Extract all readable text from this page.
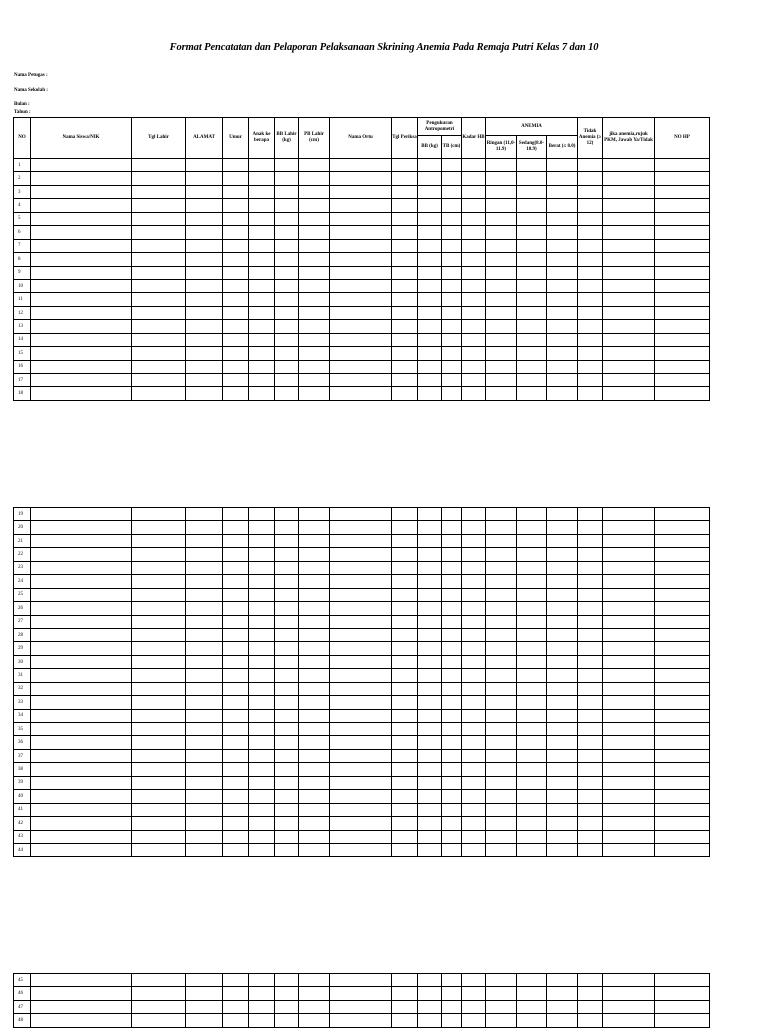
Format Pencatatan dan Pelaporan Pelaksanaan Skrining Anemia Pada Remaja Putri Kelas 7 dan 10
Nama Petugas :
Nama Sekolah :
Bulan :
Tahun :
NO	Nama Siswa/NIK	Tgl Lahir	ALAMAT	Umur	Anak ke berapa	BB Lahir (kg)	PB Lahir (cm)	Nama Ortu	Tgl Periksa	Pengukuran Antropometri		Kadar HB	ANEMIA			Tidak Anemia (≥ 12)	jika anemia,rujuk PKM, Jawab Ya/Tidak	NO HP
										BB (kg)	TB (cm)		Ringan (11,0-11.9)	Sedang(8.0-10.9)	Berat (≤ 8.0)			
1																		
2																		
3																		
4																		
5																		
6																		
7																		
8																		
9																		
10																		
11																		
12																		
13																		
14																		
15																		
16																		
17																		
18																		
19																		
20																		
21																		
22																		
23																		
24																		
25																		
26																		
27																		
28																		
29																		
30																		
31																		
32																		
33																		
34																		
35																		
36																		
37																		
38																		
39																		
40																		
41																		
42																		
43																		
44																		
45																		
46																		
47																		
48																		
